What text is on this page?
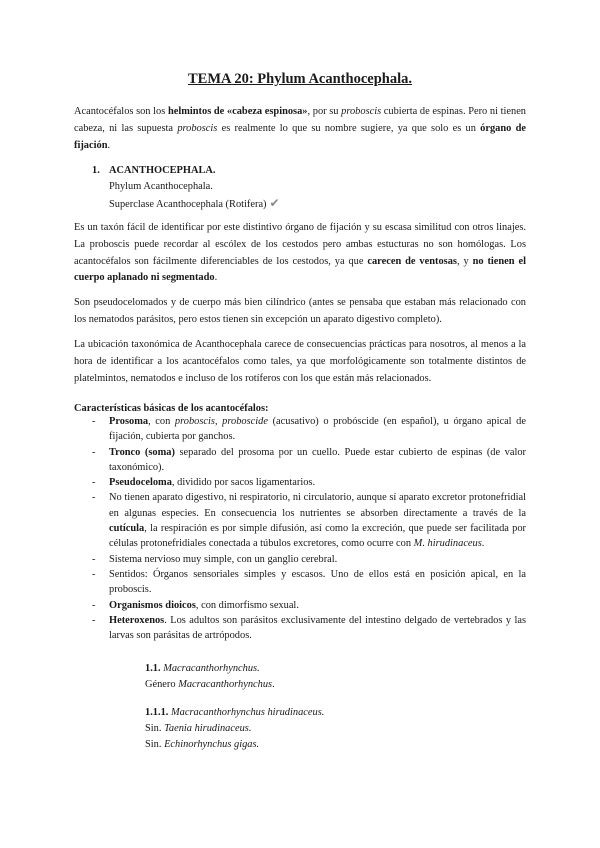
TEMA 20: Phylum Acanthocephala.

Acantocéfalos son los helmintos de «cabeza espinosa», por su proboscis cubierta de espinas. Pero ni tienen cabeza, ni las supuesta proboscis es realmente lo que su nombre sugiere, ya que solo es un órgano de fijación.

1. ACANTHOCEPHALA.
Phylum Acanthocephala.
Superclase Acanthocephala (Rotifera) ✔

Es un taxón fácil de identificar por este distintivo órgano de fijación y su escasa similitud con otros linajes. La proboscis puede recordar al escólex de los cestodos pero ambas estucturas no son homólogas. Los acantocéfalos son fácilmente diferenciables de los cestodos, ya que carecen de ventosas, y no tienen el cuerpo aplanado ni segmentado.

Son pseudocelomados y de cuerpo más bien cilíndrico (antes se pensaba que estaban más relacionado con los nematodos parásitos, pero estos tienen sin excepción un aparato digestivo completo).

La ubicación taxonómica de Acanthocephala carece de consecuencias prácticas para nosotros, al menos a la hora de identificar a los acantocéfalos como tales, ya que morfológicamente son totalmente distintos de platelmintos, nematodos e incluso de los rotíferos con los que están más relacionados.

Características básicas de los acantocéfalos:
- Prosoma, con proboscis, proboscide (acusativo) o probóscide (en español), u órgano apical de fijación, cubierta por ganchos.
- Tronco (soma) separado del prosoma por un cuello. Puede estar cubierto de espinas (de valor taxonómico).
- Pseudoceloma, dividido por sacos ligamentarios.
- No tienen aparato digestivo, ni respiratorio, ni circulatorio, aunque sí aparato excretor protonefridial en algunas especies. En consecuencia los nutrientes se absorben directamente a través de la cutícula, la respiración es por simple difusión, así como la excreción, que puede ser facilitada por células protonefridiales conectada a túbulos excretores, como ocurre con M. hirudinaceus.
- Sistema nervioso muy simple, con un ganglio cerebral.
- Sentidos: Órganos sensoriales simples y escasos. Uno de ellos está en posición apical, en la proboscis.
- Organismos dioicos, con dimorfismo sexual.
- Heteroxenos. Los adultos son parásitos exclusivamente del intestino delgado de vertebrados y las larvas son parásitas de artrópodos.
1.1. Macracanthorhynchus.
Género Macracanthorhynchus.
1.1.1. Macracanthorhynchus hirudinaceus.
Sin. Taenia hirudinaceus.
Sin. Echinorhynchus gigas.
